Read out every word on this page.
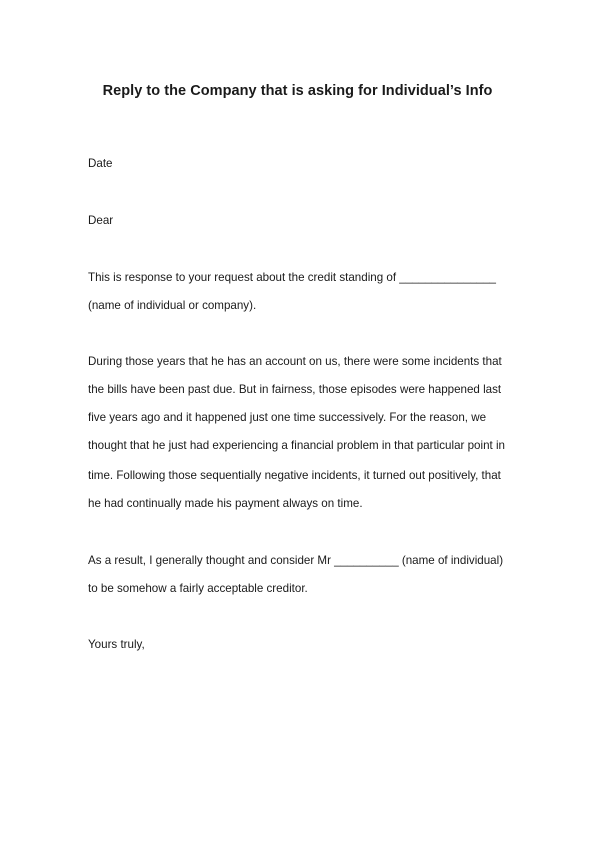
Reply to the Company that is asking for Individual’s Info
Date
Dear
This is response to your request about the credit standing of _______________
(name of individual or company).
During those years that he has an account on us, there were some incidents that
the bills have been past due. But in fairness, those episodes were happened last
five years ago and it happened just one time successively. For the reason, we
thought that he just had experiencing a financial problem in that particular point in
time. Following those sequentially negative incidents, it turned out positively, that
he had continually made his payment always on time.
As a result, I generally thought and consider Mr __________ (name of individual)
to be somehow a fairly acceptable creditor.
Yours truly,
